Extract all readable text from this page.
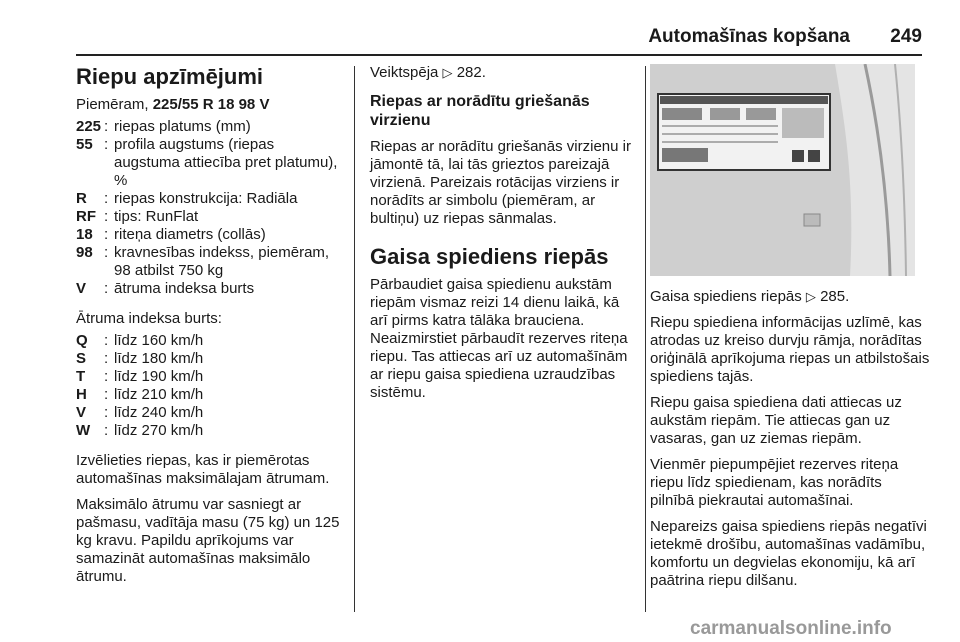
Automašīnas kopšana 249
Riepu apzīmējumi

Piemēram, 225/55 R 18 98 V

225 : riepas platums (mm)
55 : profila augstums (riepas augstuma attiecība pret platumu), %
R	: riepas konstrukcija: Radiāla
RF : tips: RunFlat
18 : riteņa diametrs (collās)
98 : kravnesības indekss, piemēram, 98 atbilst 750 kg
V	: ātruma indeksa burts

Ātruma indeksa burts:

Q	: līdz 160 km/h
S	: līdz 180 km/h
T	: līdz 190 km/h
H	: līdz 210 km/h
V	: līdz 240 km/h
W : līdz 270 km/h

Izvēlieties riepas, kas ir piemērotas automašīnas maksimālajam ātrumam.

Maksimālo ātrumu var sasniegt ar pašmasu, vadītāja masu (75 kg) un 125 kg kravu. Papildu aprīkojums var samazināt automašīnas maksimālo ātrumu.

Veiktspēja ▷ 282.

Riepas ar norādītu griešanās virzienu

Riepas ar norādītu griešanās virzienu ir jāmontē tā, lai tās grieztos pareizajā virzienā. Pareizais rotācijas virziens ir norādīts ar simbolu (piemēram, ar bultiņu) uz riepas sānmalas.

Gaisa spiediens riepās

Pārbaudiet gaisa spiedienu aukstām riepām vismaz reizi 14 dienu laikā, kā arī pirms katra tālāka brauciena. Neaizmirstiet pārbaudīt rezerves riteņa riepu. Tas attiecas arī uz automašīnām ar riepu gaisa spiediena uzraudzības sistēmu.

Gaisa spiediens riepās ▷ 285.

Riepu spiediena informācijas uzlīmē, kas atrodas uz kreiso durvju rāmja, norādītas oriģinālā aprīkojuma riepas un atbilstošais spiediens tajās.

Riepu gaisa spiediena dati attiecas uz aukstām riepām. Tie attiecas gan uz vasaras, gan uz ziemas riepām.

Vienmēr piepumpējiet rezerves riteņa riepu līdz spiedienam, kas norādīts pilnībā piekrautai automašīnai.

Nepareizs gaisa spiediens riepās negatīvi ietekmē drošību, automašīnas vadāmību, komfortu un degvielas ekonomiju, kā arī paātrina riepu dilšanu.

carmanualsonline.info
